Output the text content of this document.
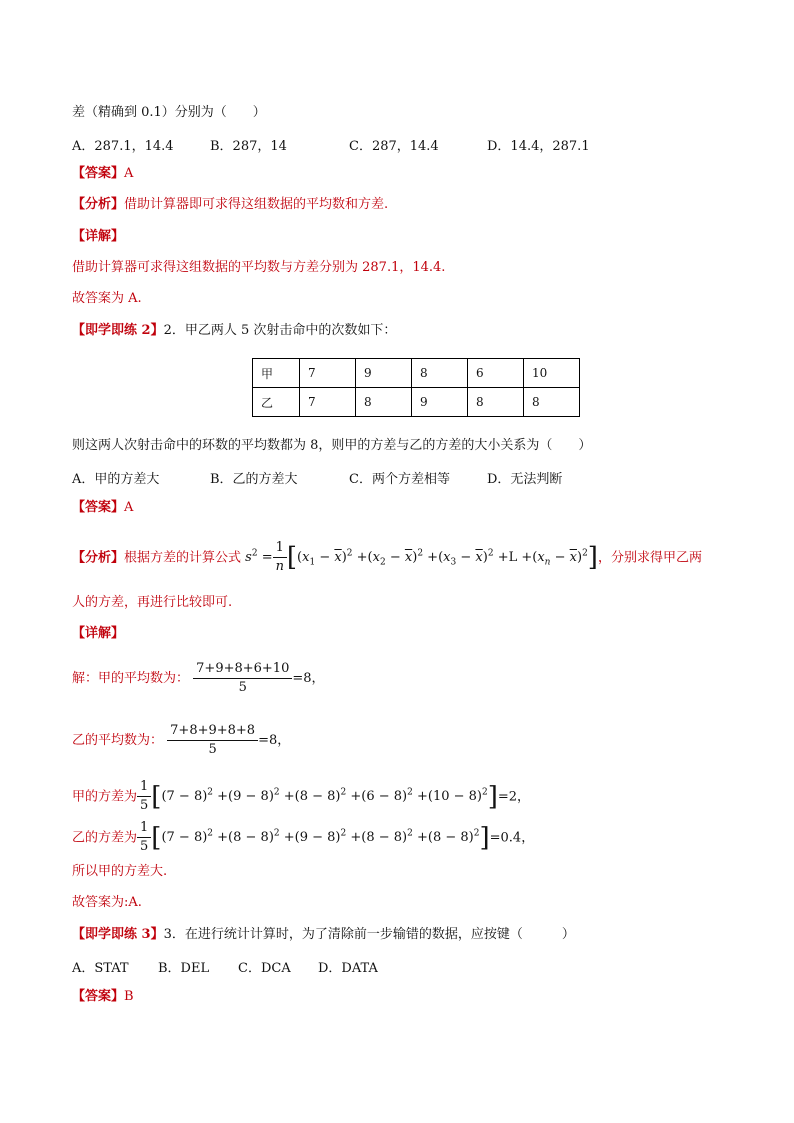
差（精确到 0.1）分别为（　　）
A．287.1，14.4	B．287，14	C．287，14.4	D．14.4，287.1
【答案】A
【分析】借助计算器即可求得这组数据的平均数和方差.
【详解】
借助计算器可求得这组数据的平均数与方差分别为 287.1，14.4.
故答案为 A.
【即学即练 2】2．甲乙两人 5 次射击命中的次数如下：
甲	7	9	8	6	10
乙	7	8	9	8	8
则这两人次射击命中的环数的平均数都为 8，则甲的方差与乙的方差的大小关系为（　　）
A．甲的方差大	B．乙的方差大	C．两个方差相等	D．无法判断
【答案】A
【分析】根据方差的计算公式 $s^2 = \frac{1}{n} [(x_1 - \overline{x})^2 +(x_2 - \overline{x})^2 +(x_3 - \overline{x})^2 +L +(x_n - \overline{x})^2]$，分别求得甲乙两
人的方差，再进行比较即可.
【详解】
解：甲的平均数为： $\frac{7+9+8+6+10}{5} =8$，
乙的平均数为： $\frac{7+8+9+8+8}{5} =8$，
甲的方差为 $\frac{1}{5} [(7 - 8)^2 +(9 - 8)^2 +(8 - 8)^2 +(6 - 8)^2 +(10 - 8)^2]=2$，
乙的方差为 $\frac{1}{5} [(7 - 8)^2 +(8 - 8)^2 +(9 - 8)^2 +(8 - 8)^2 +(8 - 8)^2]=0.4$，
所以甲的方差大.
故答案为:A.
【即学即练 3】3．在进行统计计算时，为了清除前一步输错的数据，应按键（　　　）
A．STAT B．DEL C．DCA D．DATA
【答案】B
